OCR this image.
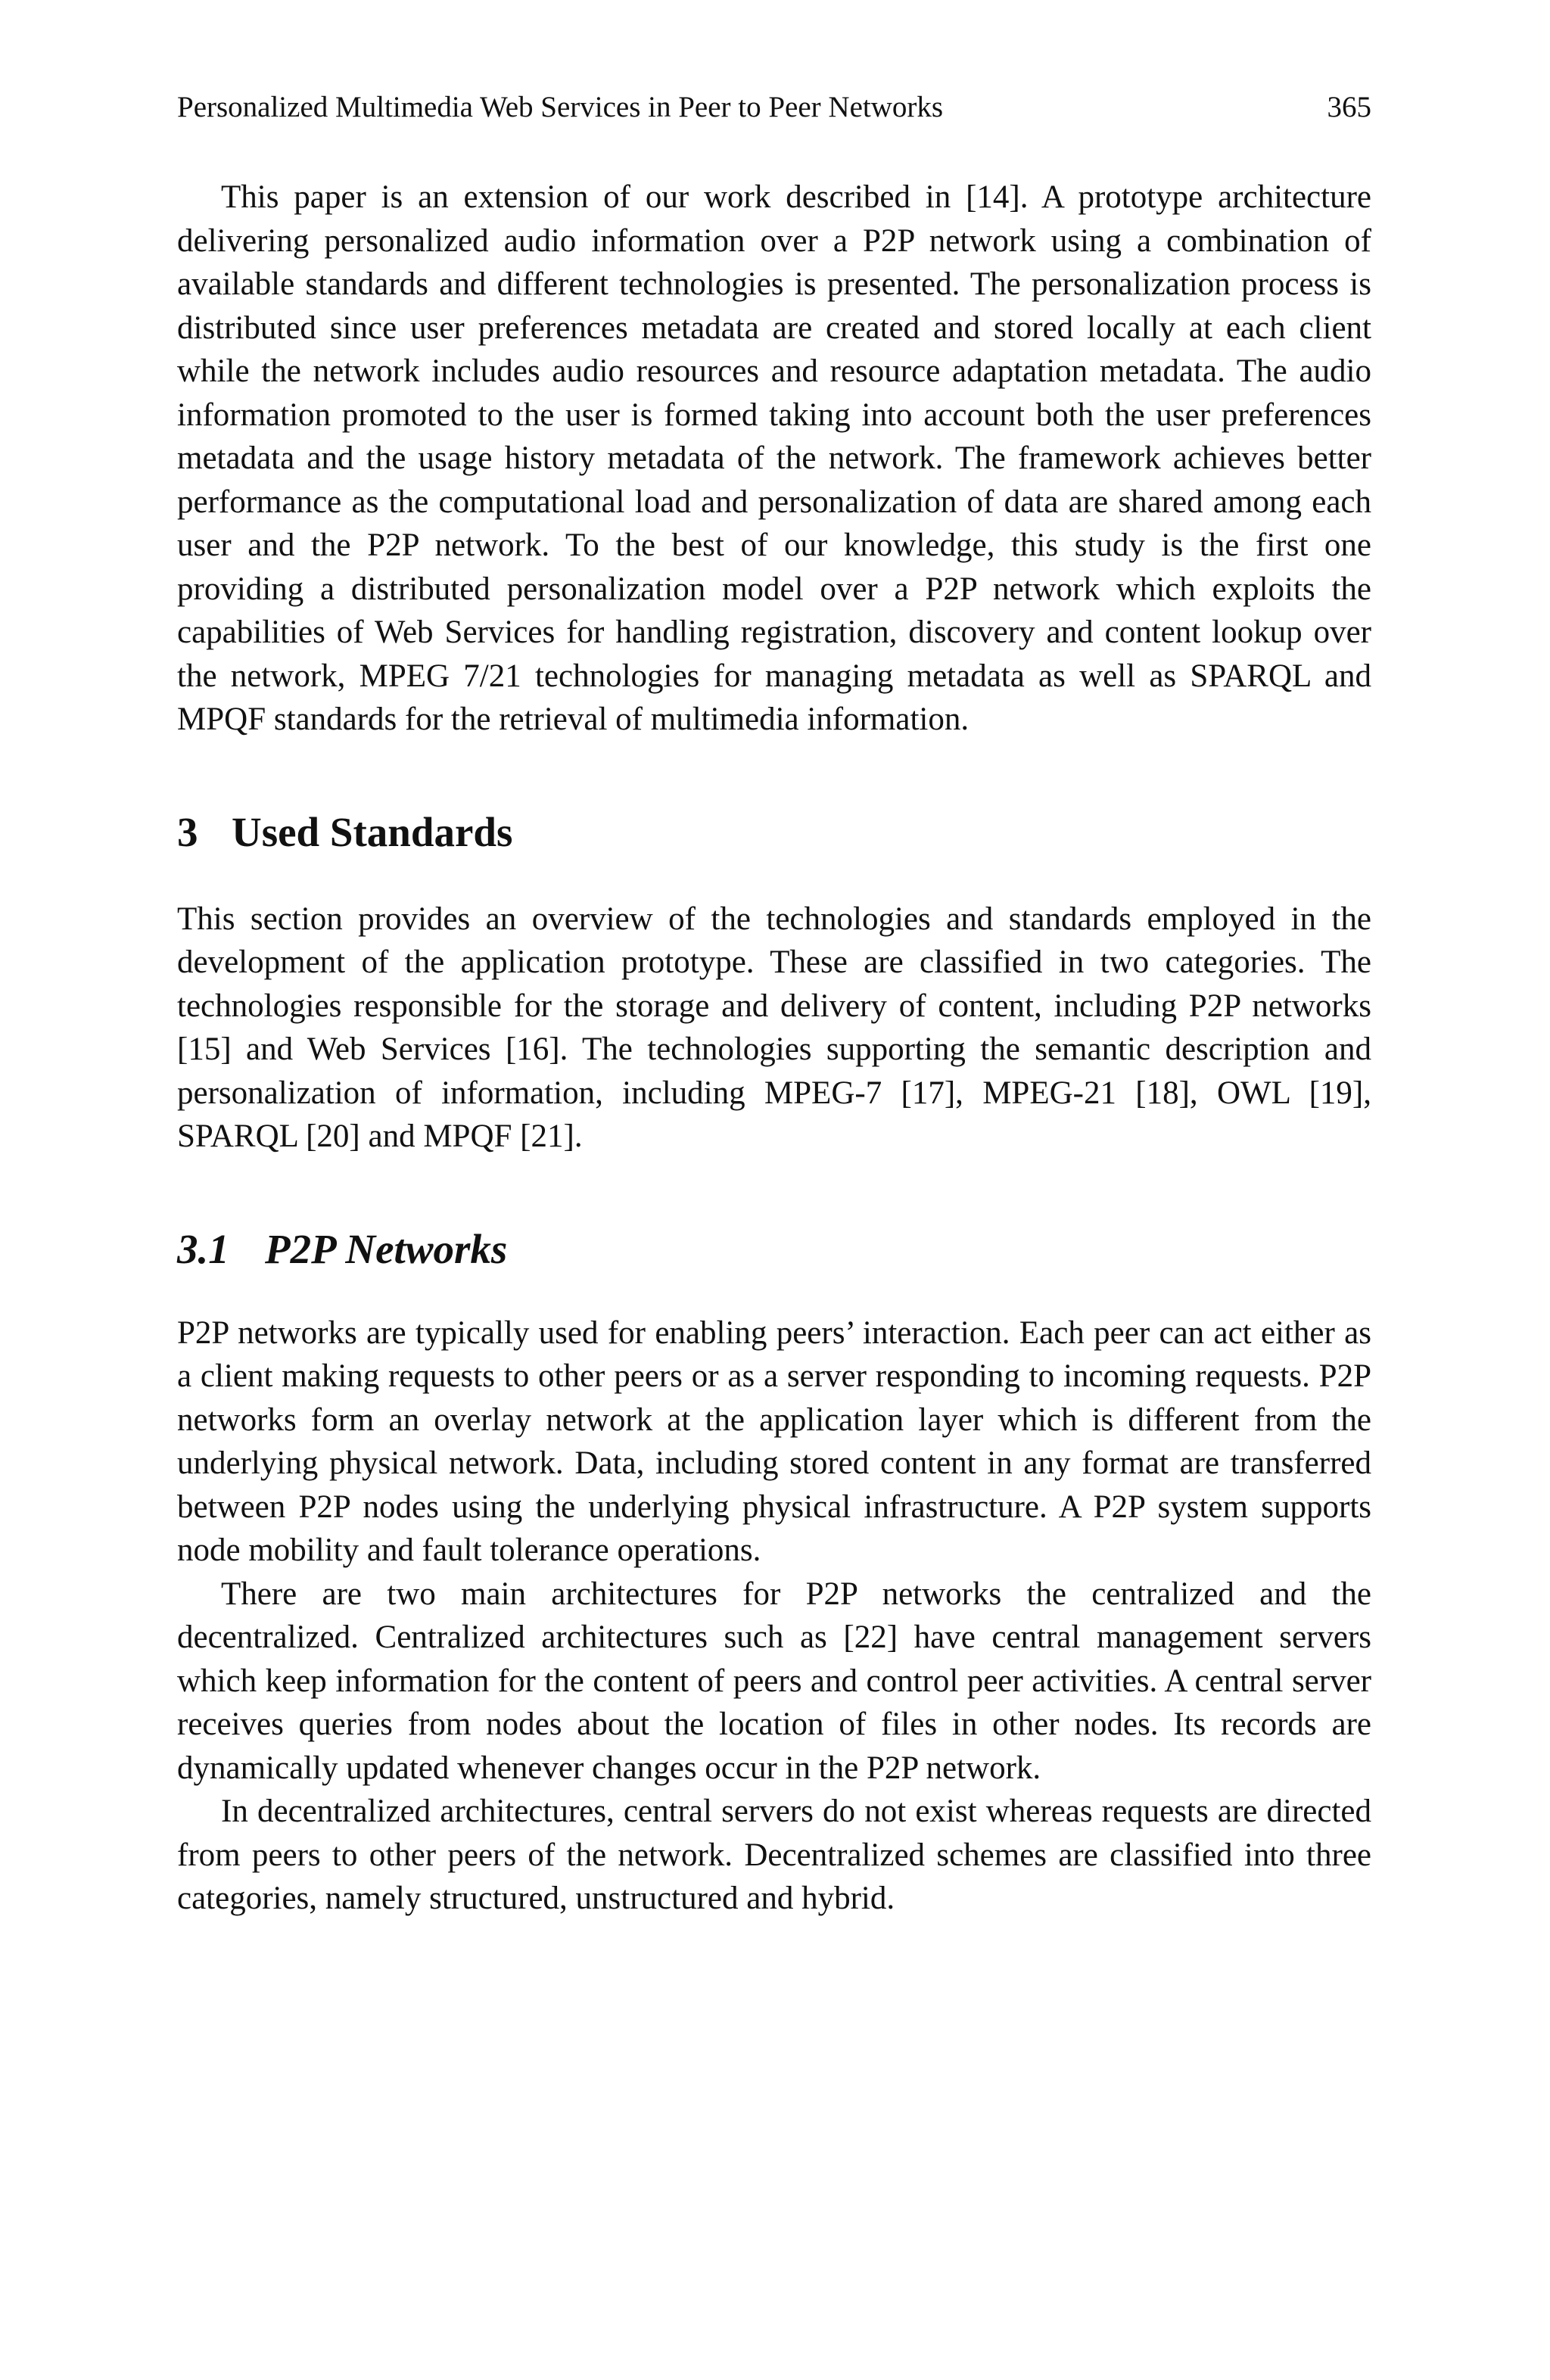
Personalized Multimedia Web Services in Peer to Peer Networks	365

This paper is an extension of our work described in [14]. A prototype architecture delivering personalized audio information over a P2P network using a combination of available standards and different technologies is presented. The personalization process is distributed since user preferences metadata are created and stored locally at each client while the network includes audio resources and resource adaptation metadata. The audio information promoted to the user is formed taking into account both the user preferences metadata and the usage history metadata of the network. The framework achieves better performance as the computational load and personalization of data are shared among each user and the P2P network. To the best of our knowledge, this study is the first one providing a distributed personalization model over a P2P network which exploits the capabilities of Web Services for handling registration, discovery and content lookup over the network, MPEG 7/21 technologies for managing metadata as well as SPARQL and MPQF standards for the retrieval of multimedia information.

3 Used Standards

This section provides an overview of the technologies and standards employed in the development of the application prototype. These are classified in two categories. The technologies responsible for the storage and delivery of content, including P2P networks [15] and Web Services [16]. The technologies supporting the semantic description and personalization of information, including MPEG-7 [17], MPEG-21 [18], OWL [19], SPARQL [20] and MPQF [21].

3.1 P2P Networks

P2P networks are typically used for enabling peers’ interaction. Each peer can act either as a client making requests to other peers or as a server responding to incoming requests. P2P networks form an overlay network at the application layer which is different from the underlying physical network. Data, including stored content in any format are transferred between P2P nodes using the underlying physical infrastructure. A P2P system supports node mobility and fault tolerance operations.

There are two main architectures for P2P networks the centralized and the decentralized. Centralized architectures such as [22] have central management servers which keep information for the content of peers and control peer activities. A central server receives queries from nodes about the location of files in other nodes. Its records are dynamically updated whenever changes occur in the P2P network.

In decentralized architectures, central servers do not exist whereas requests are directed from peers to other peers of the network. Decentralized schemes are classified into three categories, namely structured, unstructured and hybrid.
